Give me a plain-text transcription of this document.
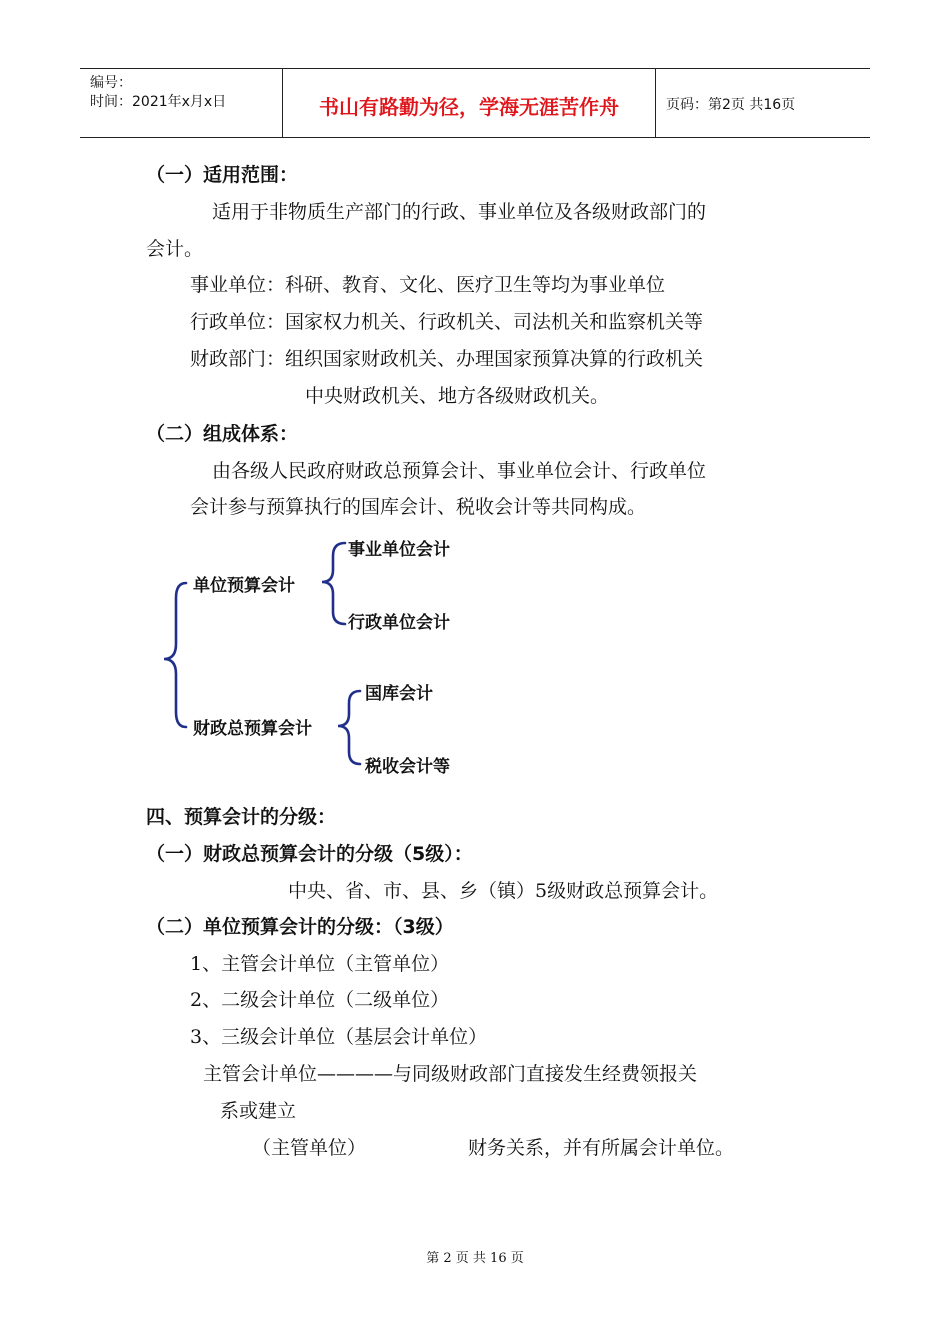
编号：
时间：2021年x月x日	书山有路勤为径，学海无涯苦作舟	页码：第2页 共16页
（一）适用范围：
适用于非物质生产部门的行政、事业单位及各级财政部门的
会计。
事业单位：科研、教育、文化、医疗卫生等均为事业单位
行政单位：国家权力机关、行政机关、司法机关和监察机关等
财政部门：组织国家财政机关、办理国家预算决算的行政机关
中央财政机关、地方各级财政机关。
（二）组成体系：
由各级人民政府财政总预算会计、事业单位会计、行政单位
会计参与预算执行的国库会计、税收会计等共同构成。
单位预算会计
事业单位会计
行政单位会计
财政总预算会计
国库会计
税收会计等
四、预算会计的分级：
（一）财政总预算会计的分级（5级）：
中央、省、市、县、乡（镇）5级财政总预算会计。
（二）单位预算会计的分级：（3级）
1、主管会计单位（主管单位）
2、二级会计单位（二级单位）
3、三级会计单位（基层会计单位）
主管会计单位————与同级财政部门直接发生经费领报关
系或建立
（主管单位）	财务关系，并有所属会计单位。
第 2 页 共 16 页
